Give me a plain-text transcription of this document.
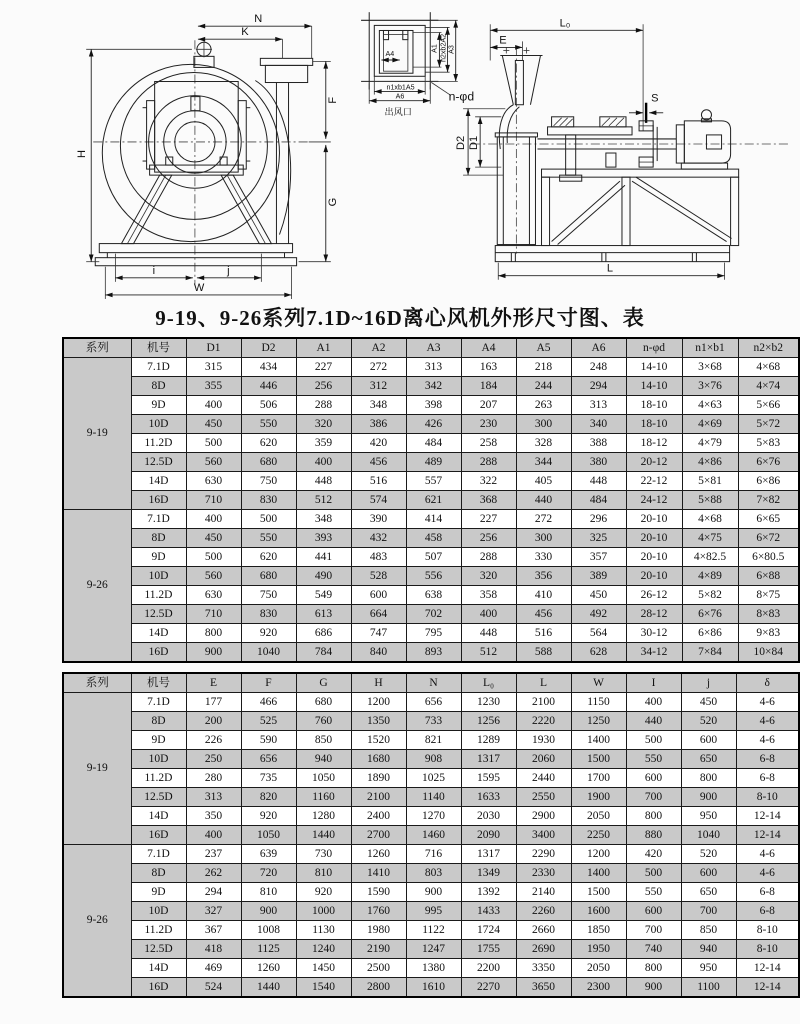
N
K
H
F
G
i	j
W
A4
A1 n2xb2A2 A3
n1xb1A5
A6	n-φd
出风口
L₀
E
S
D2 D1
L
9-19、9-26系列7.1D~16D离心风机外形尺寸图、表
系列	机号	D1	D2	A1	A2	A3	A4	A5	A6	n-φd	n1×b1	n2×b2
9-19	7.1D	315	434	227	272	313	163	218	248	14-10	3×68	4×68
	8D	355	446	256	312	342	184	244	294	14-10	3×76	4×74
	9D	400	506	288	348	398	207	263	313	18-10	4×63	5×66
	10D	450	550	320	386	426	230	300	340	18-10	4×69	5×72
	11.2D	500	620	359	420	484	258	328	388	18-12	4×79	5×83
	12.5D	560	680	400	456	489	288	344	380	20-12	4×86	6×76
	14D	630	750	448	516	557	322	405	448	22-12	5×81	6×86
	16D	710	830	512	574	621	368	440	484	24-12	5×88	7×82
9-26	7.1D	400	500	348	390	414	227	272	296	20-10	4×68	6×65
	8D	450	550	393	432	458	256	300	325	20-10	4×75	6×72
	9D	500	620	441	483	507	288	330	357	20-10	4×82.5	6×80.5
	10D	560	680	490	528	556	320	356	389	20-10	4×89	6×88
	11.2D	630	750	549	600	638	358	410	450	26-12	5×82	8×75
	12.5D	710	830	613	664	702	400	456	492	28-12	6×76	8×83
	14D	800	920	686	747	795	448	516	564	30-12	6×86	9×83
	16D	900	1040	784	840	893	512	588	628	34-12	7×84	10×84
系列	机号	E	F	G	H	N	L₀	L	W	I	j	δ
9-19	7.1D	177	466	680	1200	656	1230	2100	1150	400	450	4-6
	8D	200	525	760	1350	733	1256	2220	1250	440	520	4-6
	9D	226	590	850	1520	821	1289	1930	1400	500	600	4-6
	10D	250	656	940	1680	908	1317	2060	1500	550	650	6-8
	11.2D	280	735	1050	1890	1025	1595	2440	1700	600	800	6-8
	12.5D	313	820	1160	2100	1140	1633	2550	1900	700	900	8-10
	14D	350	920	1280	2400	1270	2030	2900	2050	800	950	12-14
	16D	400	1050	1440	2700	1460	2090	3400	2250	880	1040	12-14
9-26	7.1D	237	639	730	1260	716	1317	2290	1200	420	520	4-6
	8D	262	720	810	1410	803	1349	2330	1400	500	600	4-6
	9D	294	810	920	1590	900	1392	2140	1500	550	650	6-8
	10D	327	900	1000	1760	995	1433	2260	1600	600	700	6-8
	11.2D	367	1008	1130	1980	1122	1724	2660	1850	700	850	8-10
	12.5D	418	1125	1240	2190	1247	1755	2690	1950	740	940	8-10
	14D	469	1260	1450	2500	1380	2200	3350	2050	800	950	12-14
	16D	524	1440	1540	2800	1610	2270	3650	2300	900	1100	12-14
